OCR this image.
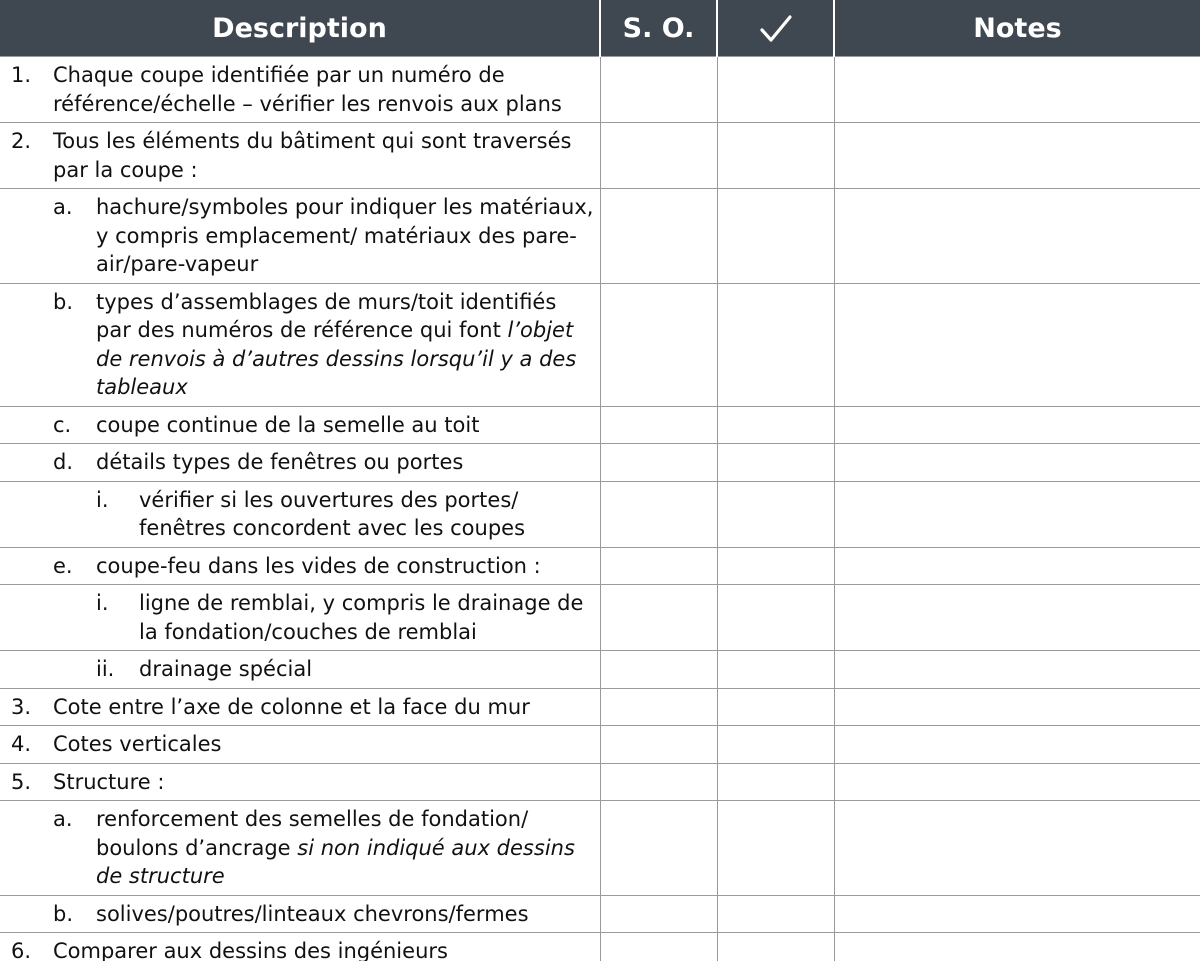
Description	S. O.		Notes

1. Chaque coupe identifiée par un numéro de référence/échelle – vérifier les renvois aux plans			

2. Tous les éléments du bâtiment qui sont traversés par la coupe :			

a. hachure/symboles pour indiquer les matériaux, y compris emplacement/ matériaux des pare-air/pare-vapeur			

b. types d’assemblages de murs/toit identifiés par des numéros de référence qui font l’objet de renvois à d’autres dessins lorsqu’il y a des tableaux			

c. coupe continue de la semelle au toit			

d. détails types de fenêtres ou portes			

i. vérifier si les ouvertures des portes/ fenêtres concordent avec les coupes			

e. coupe-feu dans les vides de construction :			

i. ligne de remblai, y compris le drainage de la fondation/couches de remblai			

ii. drainage spécial			

3. Cote entre l’axe de colonne et la face du mur			

4. Cotes verticales			

5. Structure :			

a. renforcement des semelles de fondation/ boulons d’ancrage si non indiqué aux dessins de structure			

b. solives/poutres/linteaux chevrons/fermes			

6. Comparer aux dessins des ingénieurs			
